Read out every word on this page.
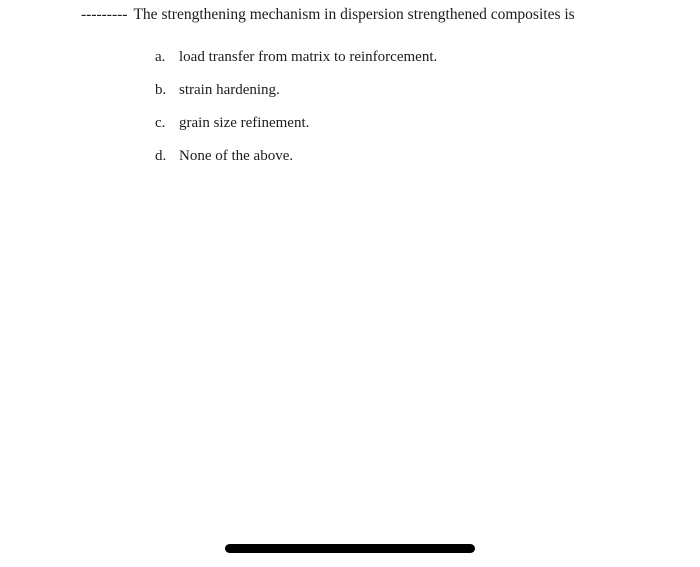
--------- The strengthening mechanism in dispersion strengthened composites is
a. load transfer from matrix to reinforcement.
b. strain hardening.
c. grain size refinement.
d. None of the above.
